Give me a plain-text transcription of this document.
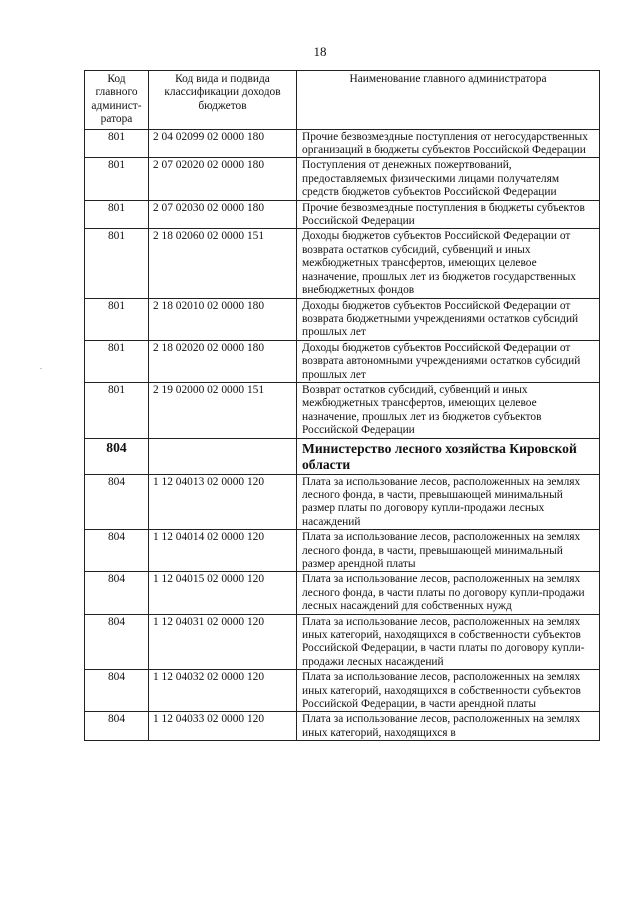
18
.
Код главного админист-ратора	Код вида и подвида классификации доходов бюджетов	Наименование главного администратора
801	2 04 02099 02 0000 180	Прочие безвозмездные поступления от негосударственных организаций в бюджеты субъектов Российской Федерации
801	2 07 02020 02 0000 180	Поступления от денежных пожертвований, предоставляемых физическими лицами получателям средств бюджетов субъектов Российской Федерации
801	2 07 02030 02 0000 180	Прочие безвозмездные поступления в бюджеты субъектов Российской Федерации
801	2 18 02060 02 0000 151	Доходы бюджетов субъектов Российской Федерации от возврата остатков субсидий, субвенций и иных межбюджетных трансфертов, имеющих целевое назначение, прошлых лет из бюджетов государственных внебюджетных фондов
801	2 18 02010 02 0000 180	Доходы бюджетов субъектов Российской Федерации от возврата бюджетными учреждениями остатков субсидий прошлых лет
801	2 18 02020 02 0000 180	Доходы бюджетов субъектов Российской Федерации от возврата автономными учреждениями остатков субсидий прошлых лет
801	2 19 02000 02 0000 151	Возврат остатков субсидий, субвенций и иных межбюджетных трансфертов, имеющих целевое назначение, прошлых лет из бюджетов субъектов Российской Федерации
804		Министерство лесного хозяйства Кировской области
804	1 12 04013 02 0000 120	Плата за использование лесов, расположенных на землях лесного фонда, в части, превышающей минимальный размер платы по договору купли-продажи лесных насаждений
804	1 12 04014 02 0000 120	Плата за использование лесов, расположенных на землях лесного фонда, в части, превышающей минимальный размер арендной платы
804	1 12 04015 02 0000 120	Плата за использование лесов, расположенных на землях лесного фонда, в части платы по договору купли-продажи лесных насаждений для собственных нужд
804	1 12 04031 02 0000 120	Плата за использование лесов, расположенных на землях иных категорий, находящихся в собственности субъектов Российской Федерации, в части платы по договору купли-продажи лесных насаждений
804	1 12 04032 02 0000 120	Плата за использование лесов, расположенных на землях иных категорий, находящихся в собственности субъектов Российской Федерации, в части арендной платы
804	1 12 04033 02 0000 120	Плата за использование лесов, расположенных на землях иных категорий, находящихся в
